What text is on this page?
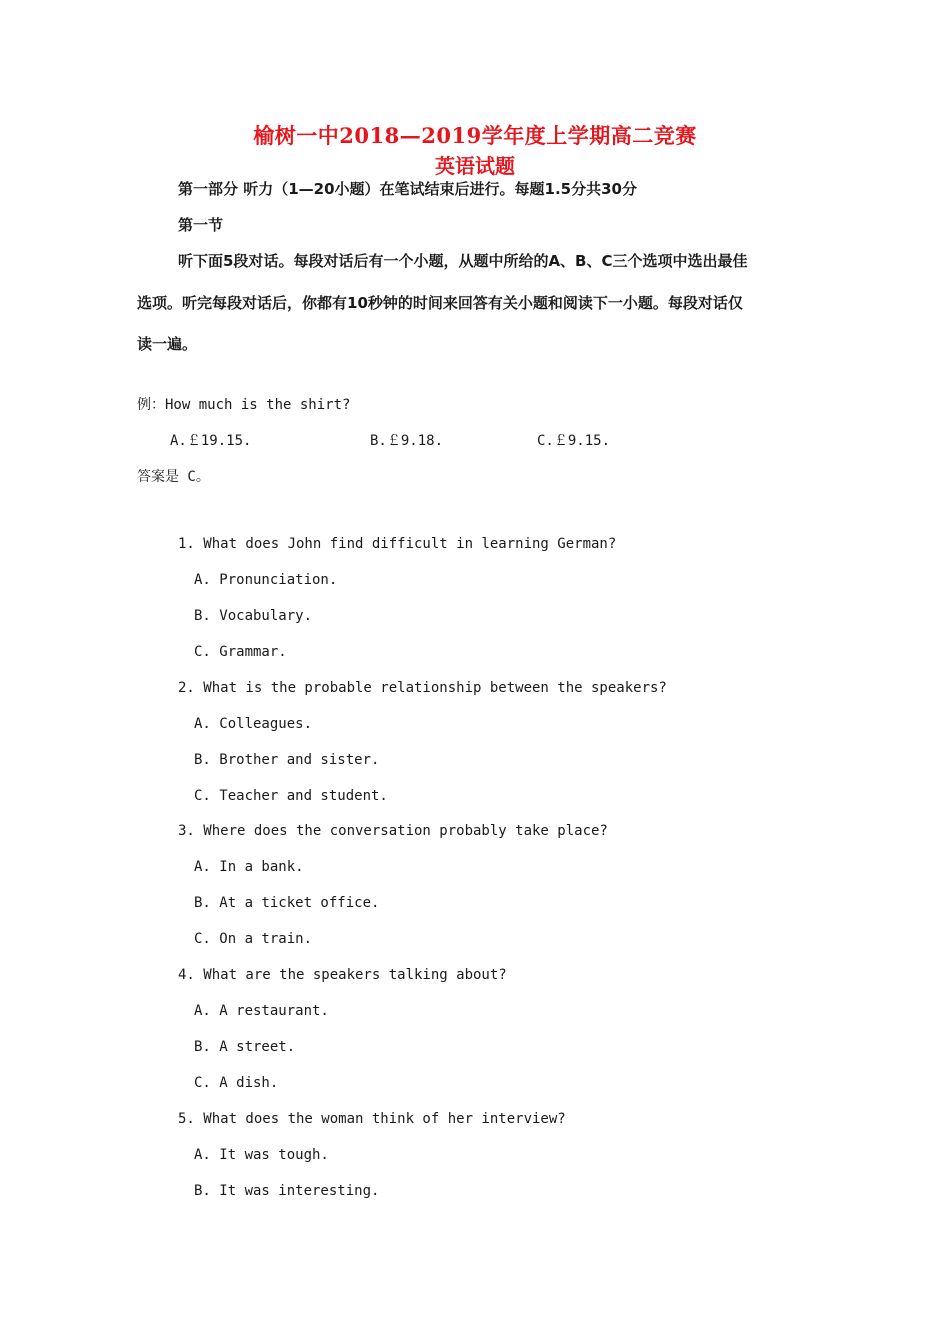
榆树一中2018—2019学年度上学期高二竞赛
英语试题
第一部分 听力（1—20小题）在笔试结束后进行。每题1.5分共30分
第一节
听下面5段对话。每段对话后有一个小题，从题中所给的A、B、C三个选项中选出最佳
选项。听完每段对话后，你都有10秒钟的时间来回答有关小题和阅读下一小题。每段对话仅
读一遍。
例：How much is the shirt?
A.￡19.15.	B.￡9.18.	C.￡9.15.
答案是 C。
1. What does John find difficult in learning German?
A. Pronunciation.
B. Vocabulary.
C. Grammar.
2. What is the probable relationship between the speakers?
A. Colleagues.
B. Brother and sister.
C. Teacher and student.
3. Where does the conversation probably take place?
A. In a bank.
B. At a ticket office.
C. On a train.
4. What are the speakers talking about?
A. A restaurant.
B. A street.
C. A dish.
5. What does the woman think of her interview?
A. It was tough.
B. It was interesting.
